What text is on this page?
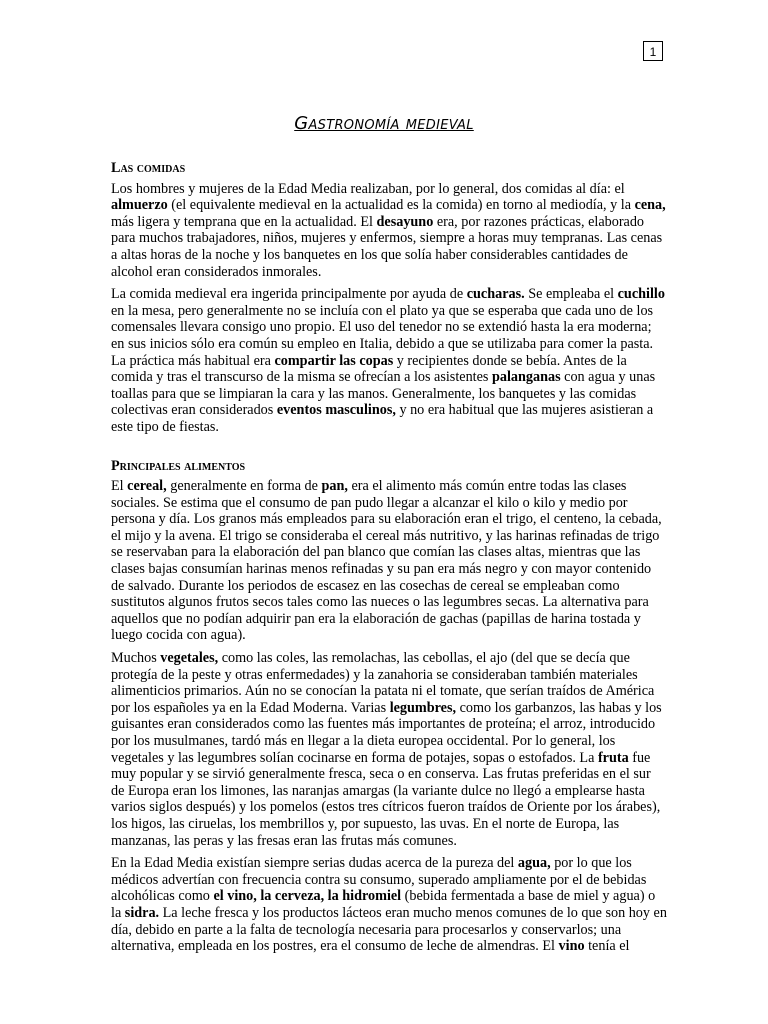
1
Gastronomía medieval
Las comidas

Los hombres y mujeres de la Edad Media realizaban, por lo general, dos comidas al día: el almuerzo (el equivalente medieval en la actualidad es la comida) en torno al mediodía, y la cena, más ligera y temprana que en la actualidad. El desayuno era, por razones prácticas, elaborado para muchos trabajadores, niños, mujeres y enfermos, siempre a horas muy tempranas. Las cenas a altas horas de la noche y los banquetes en los que solía haber considerables cantidades de alcohol eran considerados inmorales.

La comida medieval era ingerida principalmente por ayuda de cucharas. Se empleaba el cuchillo en la mesa, pero generalmente no se incluía con el plato ya que se esperaba que cada uno de los comensales llevara consigo uno propio. El uso del tenedor no se extendió hasta la era moderna; en sus inicios sólo era común su empleo en Italia, debido a que se utilizaba para comer la pasta. La práctica más habitual era compartir las copas y recipientes donde se bebía. Antes de la comida y tras el transcurso de la misma se ofrecían a los asistentes palanganas con agua y unas toallas para que se limpiaran la cara y las manos. Generalmente, los banquetes y las comidas colectivas eran considerados eventos masculinos, y no era habitual que las mujeres asistieran a este tipo de fiestas.

Principales alimentos

El cereal, generalmente en forma de pan, era el alimento más común entre todas las clases sociales. Se estima que el consumo de pan pudo llegar a alcanzar el kilo o kilo y medio por persona y día. Los granos más empleados para su elaboración eran el trigo, el centeno, la cebada, el mijo y la avena. El trigo se consideraba el cereal más nutritivo, y las harinas refinadas de trigo se reservaban para la elaboración del pan blanco que comían las clases altas, mientras que las clases bajas consumían harinas menos refinadas y su pan era más negro y con mayor contenido de salvado. Durante los periodos de escasez en las cosechas de cereal se empleaban como sustitutos algunos frutos secos tales como las nueces o las legumbres secas. La alternativa para aquellos que no podían adquirir pan era la elaboración de gachas (papillas de harina tostada y luego cocida con agua).

Muchos vegetales, como las coles, las remolachas, las cebollas, el ajo (del que se decía que protegía de la peste y otras enfermedades) y la zanahoria se consideraban también materiales alimenticios primarios. Aún no se conocían la patata ni el tomate, que serían traídos de América por los españoles ya en la Edad Moderna. Varias legumbres, como los garbanzos, las habas y los guisantes eran considerados como las fuentes más importantes de proteína; el arroz, introducido por los musulmanes, tardó más en llegar a la dieta europea occidental. Por lo general, los vegetales y las legumbres solían cocinarse en forma de potajes, sopas o estofados. La fruta fue muy popular y se sirvió generalmente fresca, seca o en conserva. Las frutas preferidas en el sur de Europa eran los limones, las naranjas amargas (la variante dulce no llegó a emplearse hasta varios siglos después) y los pomelos (estos tres cítricos fueron traídos de Oriente por los árabes), los higos, las ciruelas, los membrillos y, por supuesto, las uvas. En el norte de Europa, las manzanas, las peras y las fresas eran las frutas más comunes.

En la Edad Media existían siempre serias dudas acerca de la pureza del agua, por lo que los médicos advertían con frecuencia contra su consumo, superado ampliamente por el de bebidas alcohólicas como el vino, la cerveza, la hidromiel (bebida fermentada a base de miel y agua) o la sidra. La leche fresca y los productos lácteos eran mucho menos comunes de lo que son hoy en día, debido en parte a la falta de tecnología necesaria para procesarlos y conservarlos; una alternativa, empleada en los postres, era el consumo de leche de almendras. El vino tenía el
